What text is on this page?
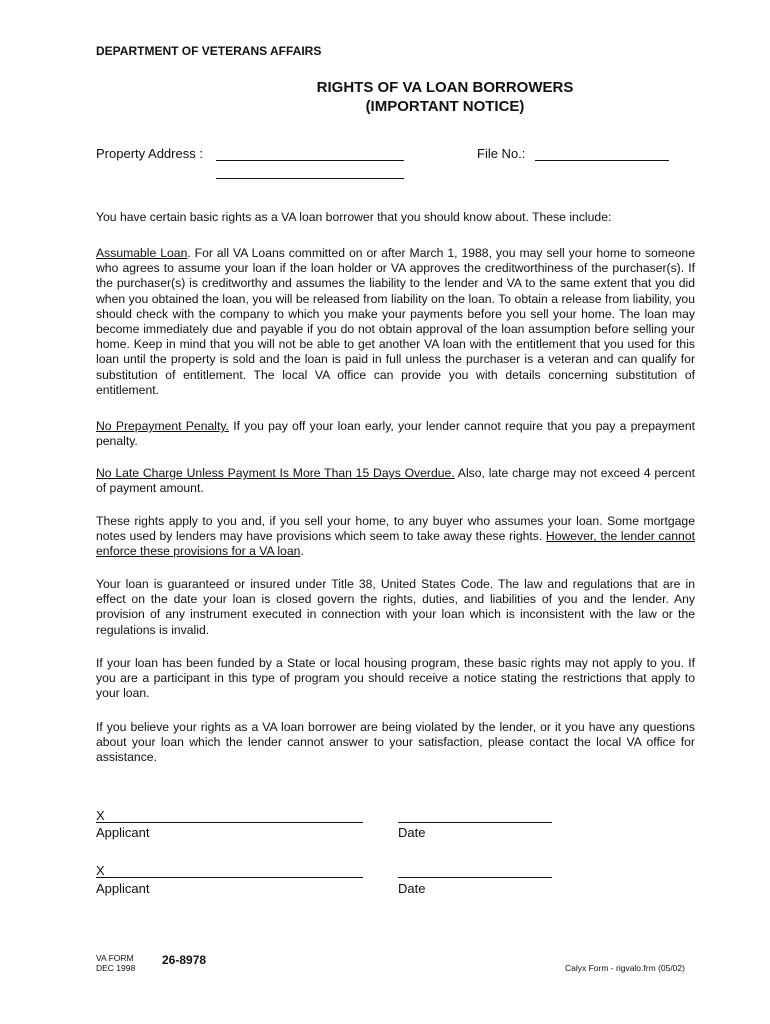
DEPARTMENT OF VETERANS AFFAIRS
RIGHTS OF VA LOAN BORROWERS
(IMPORTANT NOTICE)
Property Address :	File No.:
You have certain basic rights as a VA loan borrower that you should know about. These include:
Assumable Loan. For all VA Loans committed on or after March 1, 1988, you may sell your home to someone who agrees to assume your loan if the loan holder or VA approves the creditworthiness of the purchaser(s). If the purchaser(s) is creditworthy and assumes the liability to the lender and VA to the same extent that you did when you obtained the loan, you will be released from liability on the loan. To obtain a release from liability, you should check with the company to which you make your payments before you sell your home. The loan may become immediately due and payable if you do not obtain approval of the loan assumption before selling your home. Keep in mind that you will not be able to get another VA loan with the entitlement that you used for this loan until the property is sold and the loan is paid in full unless the purchaser is a veteran and can qualify for substitution of entitlement. The local VA office can provide you with details concerning substitution of entitlement.
No Prepayment Penalty. If you pay off your loan early, your lender cannot require that you pay a prepayment penalty.
No Late Charge Unless Payment Is More Than 15 Days Overdue. Also, late charge may not exceed 4 percent of payment amount.
These rights apply to you and, if you sell your home, to any buyer who assumes your loan. Some mortgage notes used by lenders may have provisions which seem to take away these rights. However, the lender cannot enforce these provisions for a VA loan.
Your loan is guaranteed or insured under Title 38, United States Code. The law and regulations that are in effect on the date your loan is closed govern the rights, duties, and liabilities of you and the lender. Any provision of any instrument executed in connection with your loan which is inconsistent with the law or the regulations is invalid.
If your loan has been funded by a State or local housing program, these basic rights may not apply to you. If you are a participant in this type of program you should receive a notice stating the restrictions that apply to your loan.
If you believe your rights as a VA loan borrower are being violated by the lender, or it you have any questions about your loan which the lender cannot answer to your satisfaction, please contact the local VA office for assistance.
X
Applicant	Date
X
Applicant	Date
VA FORM
DEC 1998
26-8978
Calyx Form - rigvalo.frm (05/02)
